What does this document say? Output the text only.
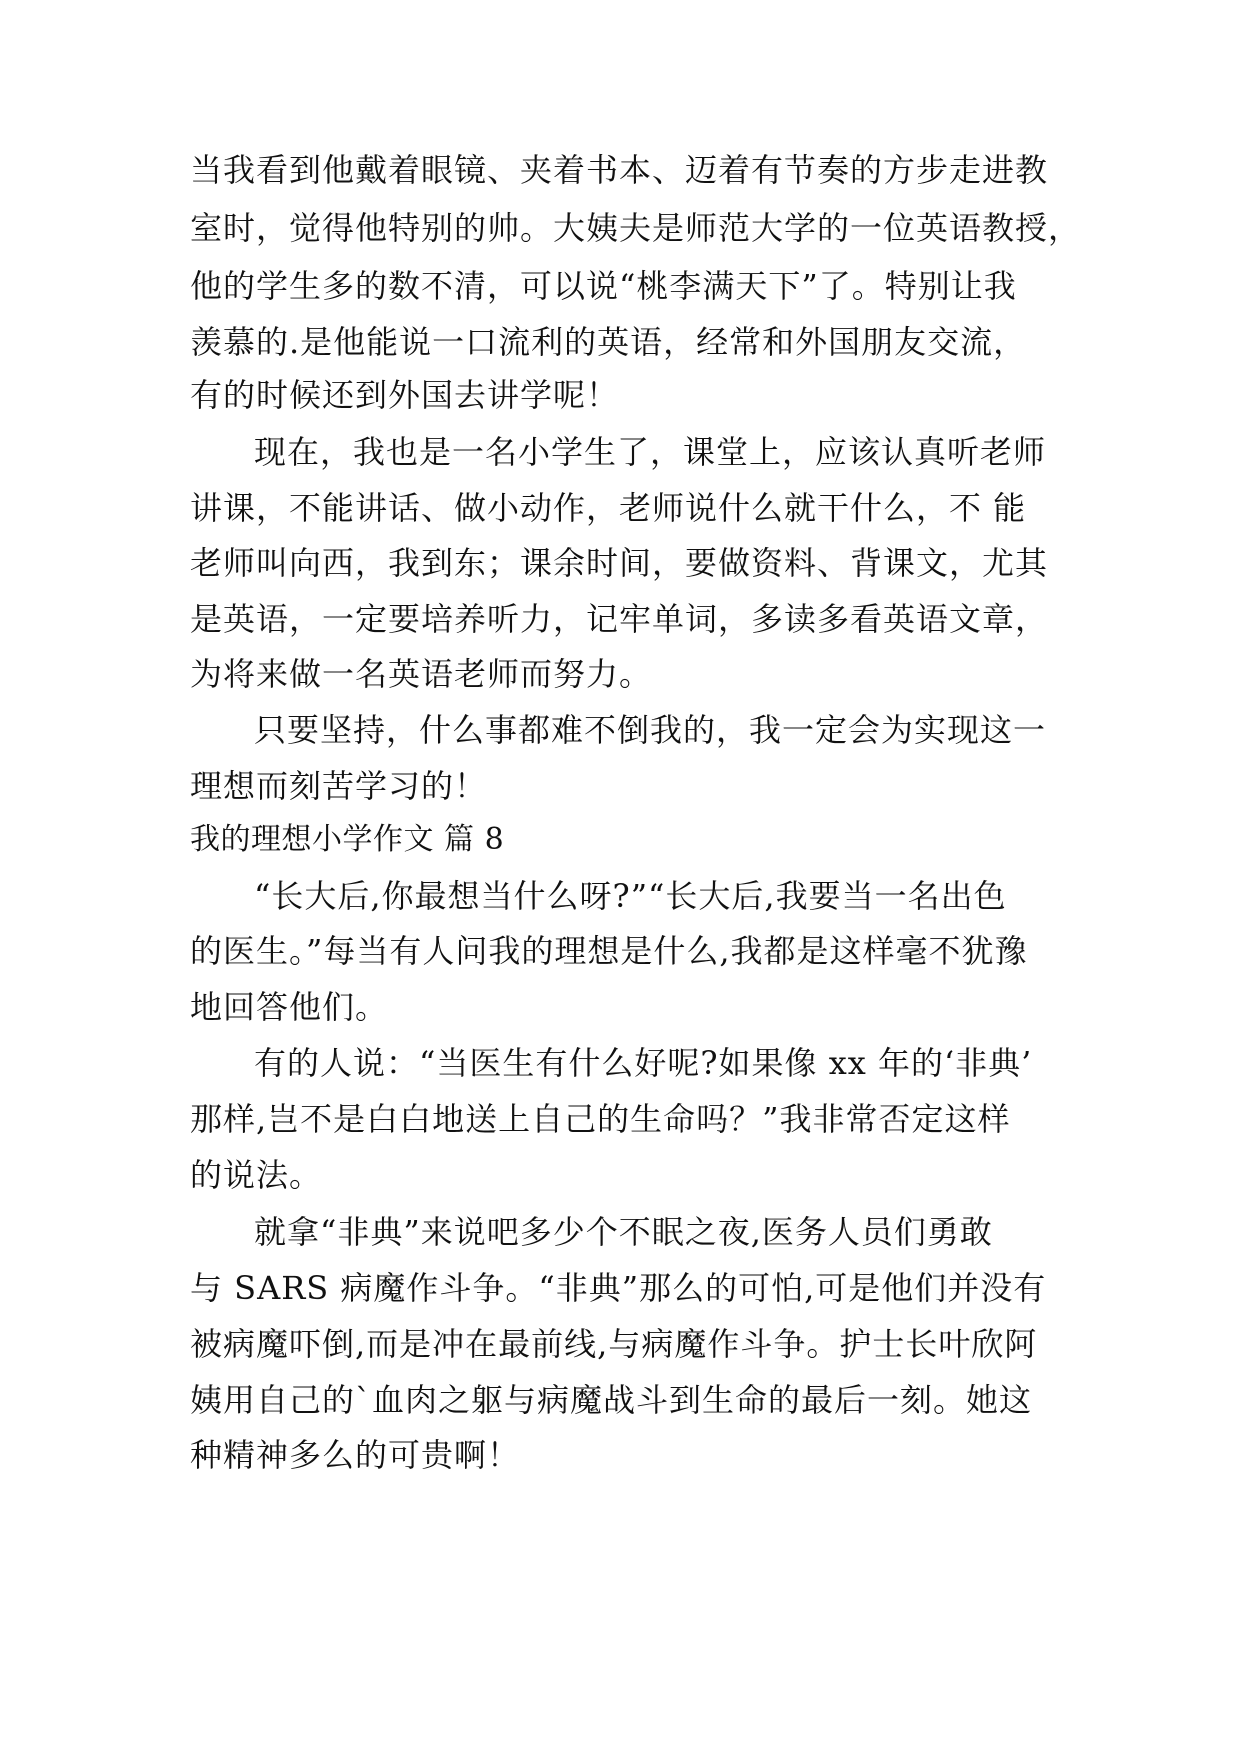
当我看到他戴着眼镜、夹着书本、迈着有节奏的方步走进教
室时，觉得他特别的帅。大姨夫是师范大学的一位英语教授，
他的学生多的数不清，可以说“桃李满天下”了。特别让我
羡慕的.是他能说一口流利的英语，经常和外国朋友交流，
有的时候还到外国去讲学呢！
现在，我也是一名小学生了，课堂上，应该认真听老师
讲课，不能讲话、做小动作，老师说什么就干什么，不 能
老师叫向西，我到东；课余时间，要做资料、背课文，尤其
是英语，一定要培养听力，记牢单词，多读多看英语文章，
为将来做一名英语老师而努力。
只要坚持，什么事都难不倒我的，我一定会为实现这一
理想而刻苦学习的！
我的理想小学作文 篇 8
“长大后,你最想当什么呀?”“长大后,我要当一名出色
的医生。”每当有人问我的理想是什么,我都是这样毫不犹豫
地回答他们。
有的人说：“当医生有什么好呢?如果像 xx 年的‘非典’
那样,岂不是白白地送上自己的生命吗？”我非常否定这样
的说法。
就拿“非典”来说吧多少个不眠之夜,医务人员们勇敢
与 SARS 病魔作斗争。“非典”那么的可怕,可是他们并没有
被病魔吓倒,而是冲在最前线,与病魔作斗争。护士长叶欣阿
姨用自己的`血肉之躯与病魔战斗到生命的最后一刻。她这
种精神多么的可贵啊！
